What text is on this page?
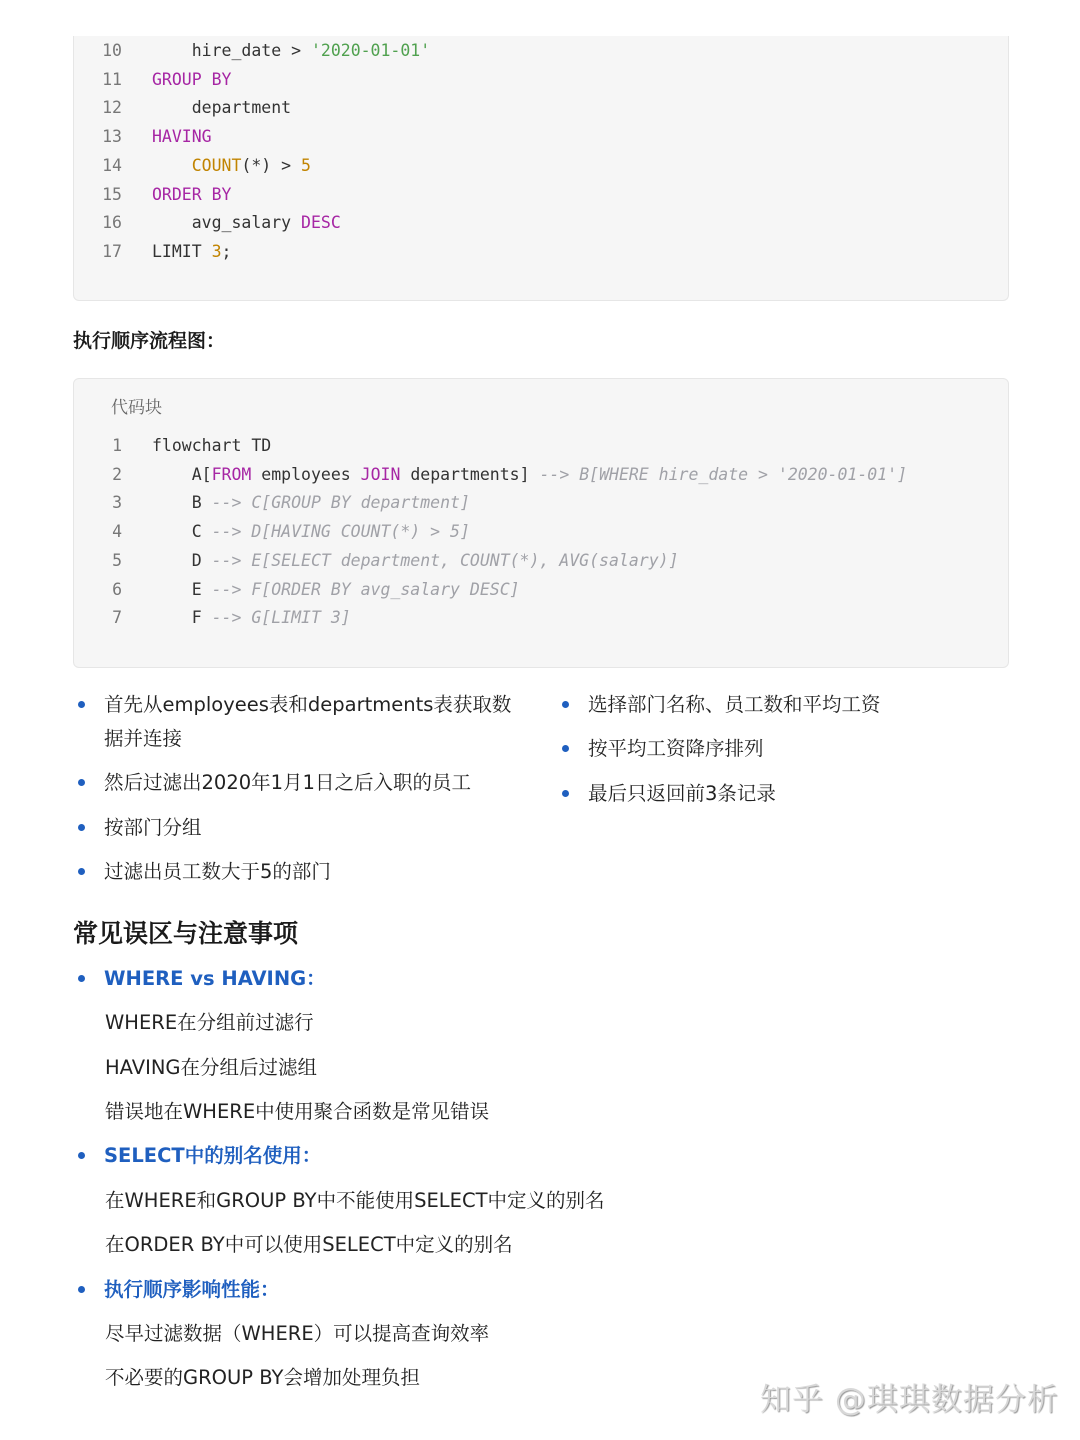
10 hire_date > '2020-01-01'
11 GROUP BY
12 department
13 HAVING
14	COUNT(*) > 5
15 ORDER BY
16 avg_salary DESC
17 LIMIT 3;
执行顺序流程图：
代码块
1 flowchart TD
2 A[FROM employees JOIN departments] --> B[WHERE hire_date > '2020-01-01']
3 B --> C[GROUP BY department]
4 C --> D[HAVING COUNT(*) > 5]
5 D --> E[SELECT department, COUNT(*), AVG(salary)]
6 E --> F[ORDER BY avg_salary DESC]
7 F --> G[LIMIT 3]
首先从employees表和departments表获取数
据并连接
然后过滤出2020年1月1日之后入职的员工
按部门分组
过滤出员工数大于5的部门
选择部门名称、员工数和平均工资
按平均工资降序排列
最后只返回前3条记录
常见误区与注意事项
WHERE vs HAVING：
WHERE在分组前过滤行
HAVING在分组后过滤组
错误地在WHERE中使用聚合函数是常见错误
SELECT中的别名使用：
在WHERE和GROUP BY中不能使用SELECT中定义的别名
在ORDER BY中可以使用SELECT中定义的别名
执行顺序影响性能：
尽早过滤数据（WHERE）可以提高查询效率
不必要的GROUP BY会增加处理负担
知乎 @琪琪数据分析
